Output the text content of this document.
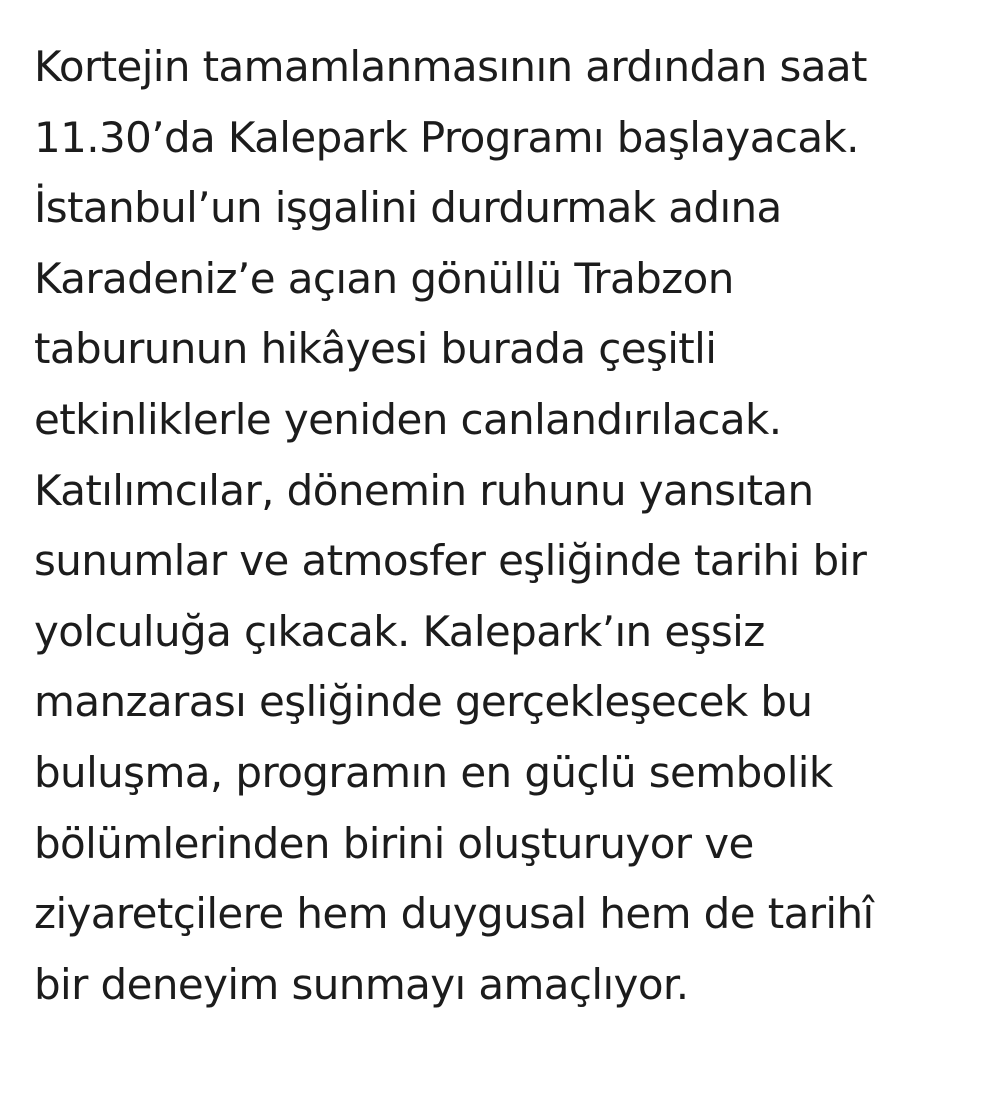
Kortejin tamamlanmasının ardından saat
11.30’da Kalepark Programı başlayacak.
İstanbul’un işgalini durdurmak adına
Karadeniz’e açıan gönüllü Trabzon
taburunun hikâyesi burada çeşitli
etkinliklerle yeniden canlandırılacak.
Katılımcılar, dönemin ruhunu yansıtan
sunumlar ve atmosfer eşliğinde tarihi bir
yolculuğa çıkacak. Kalepark’ın eşsiz
manzarası eşliğinde gerçekleşecek bu
buluşma, programın en güçlü sembolik
bölümlerinden birini oluşturuyor ve
ziyaretçilere hem duygusal hem de tarihî
bir deneyim sunmayı amaçlıyor.
